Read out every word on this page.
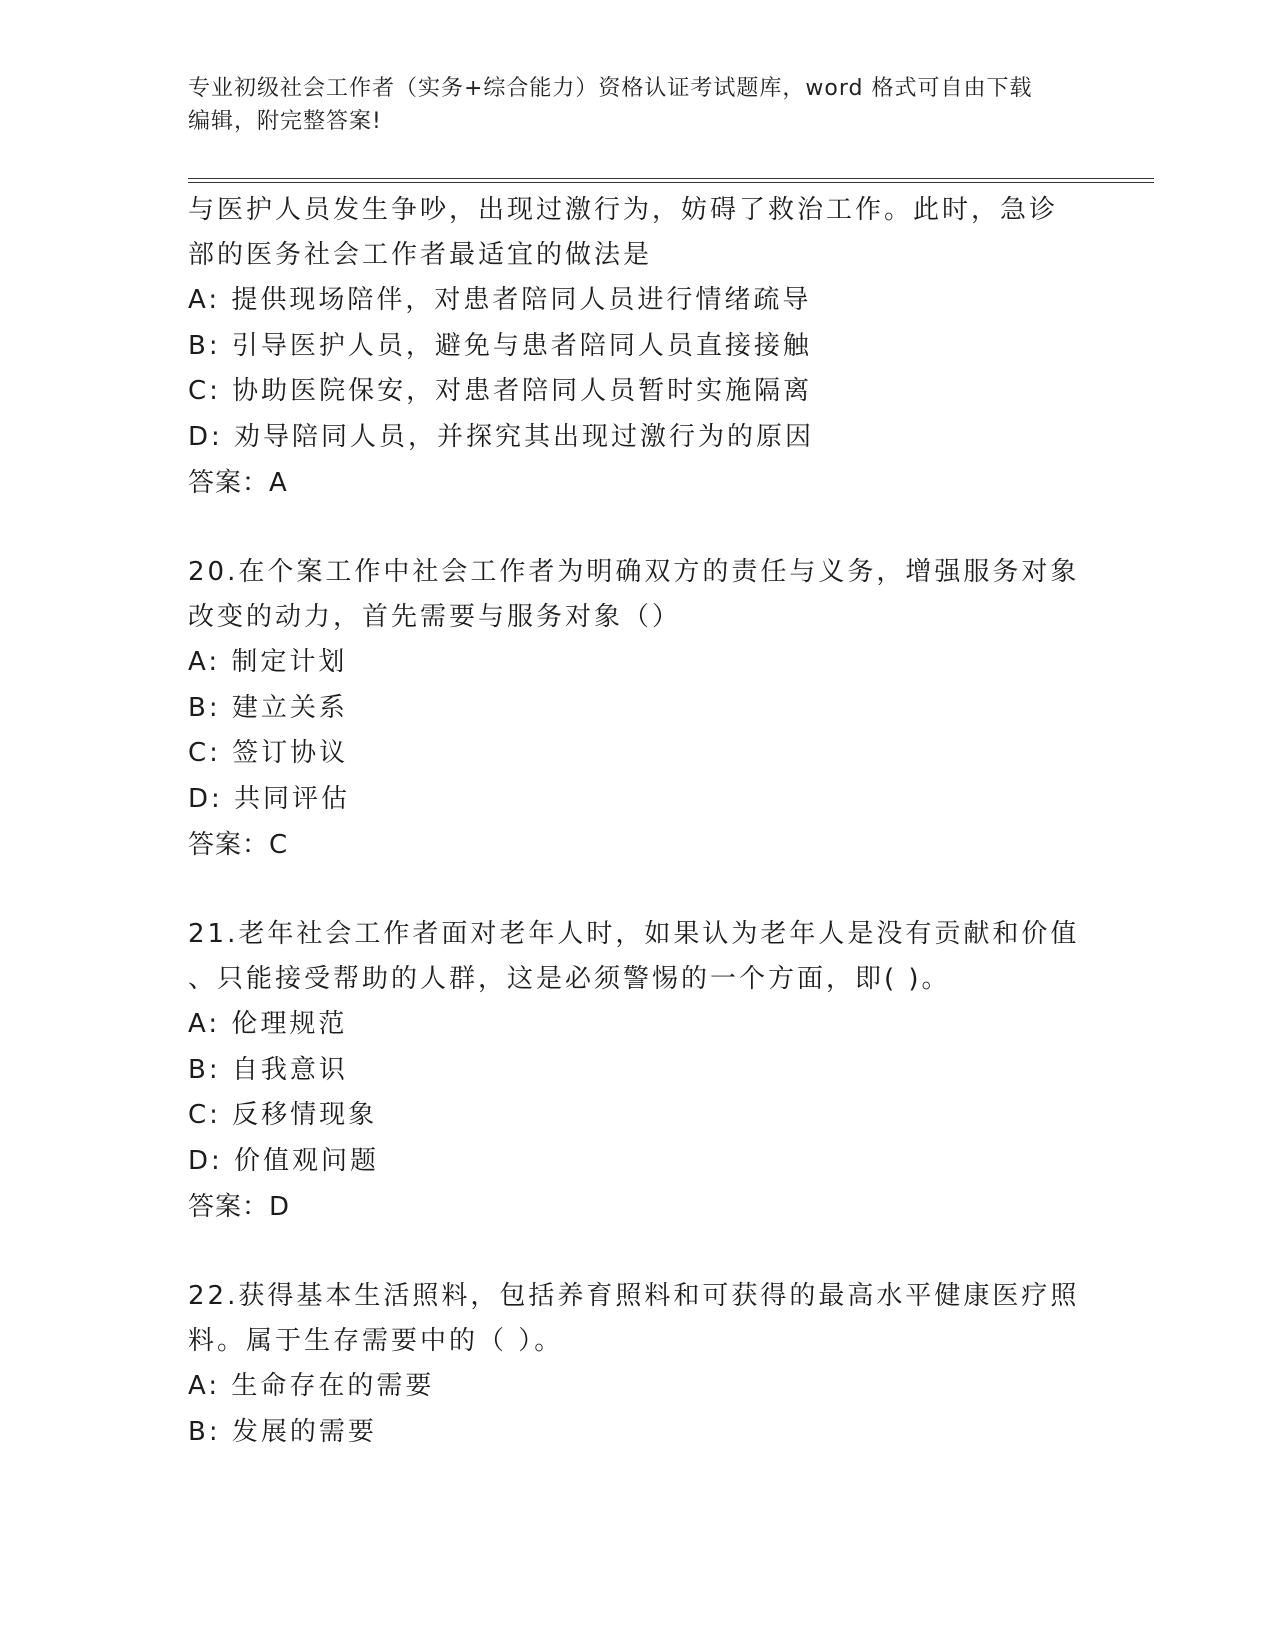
专业初级社会工作者（实务+综合能力）资格认证考试题库，word 格式可自由下载
编辑，附完整答案!
与医护人员发生争吵，出现过激行为，妨碍了救治工作。此时，急诊
部的医务社会工作者最适宜的做法是
A: 提供现场陪伴，对患者陪同人员进行情绪疏导
B: 引导医护人员，避免与患者陪同人员直接接触
C: 协助医院保安，对患者陪同人员暂时实施隔离
D: 劝导陪同人员，并探究其出现过激行为的原因
答案：A
20.在个案工作中社会工作者为明确双方的责任与义务，增强服务对象
改变的动力，首先需要与服务对象（）
A: 制定计划
B: 建立关系
C: 签订协议
D: 共同评估
答案：C
21.老年社会工作者面对老年人时，如果认为老年人是没有贡献和价值
、只能接受帮助的人群，这是必须警惕的一个方面，即( )。
A: 伦理规范
B: 自我意识
C: 反移情现象
D: 价值观问题
答案：D
22.获得基本生活照料，包括养育照料和可获得的最高水平健康医疗照
料。属于生存需要中的（ ）。
A: 生命存在的需要
B: 发展的需要
